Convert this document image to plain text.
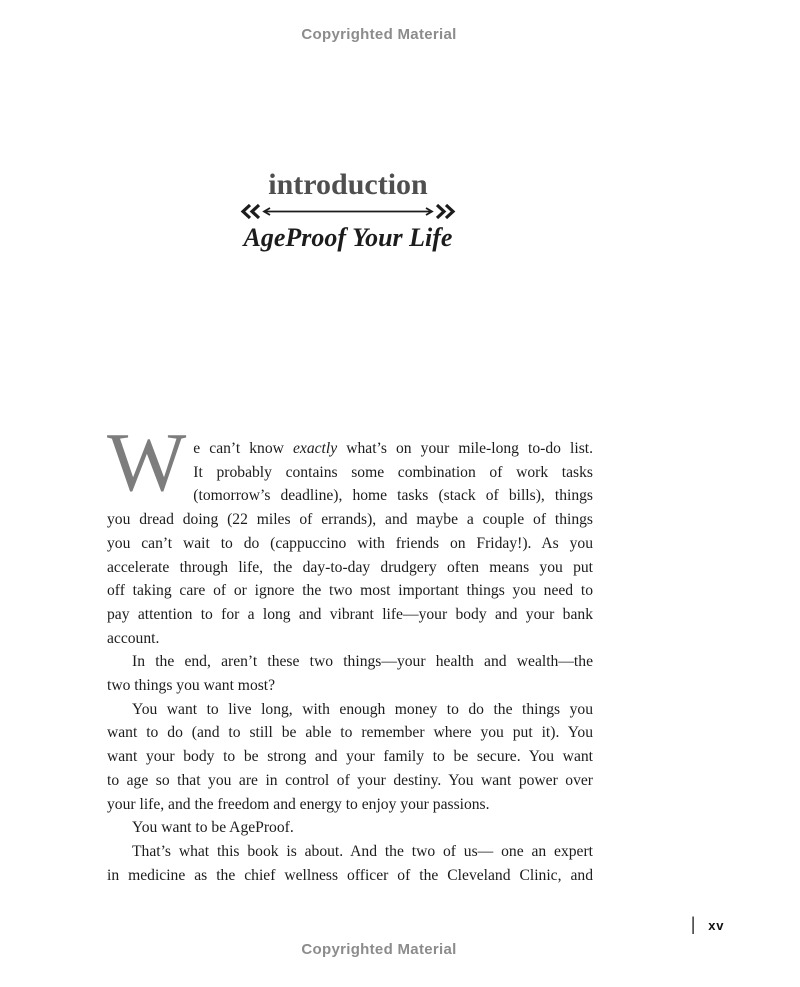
Copyrighted Material
introduction
AgeProof Your Life
W e can’t know exactly what’s on your mile-long to-do list.
It probably contains some combination of work tasks
(tomorrow’s deadline), home tasks (stack of bills), things
you dread doing (22 miles of errands), and maybe a couple of things
you can’t wait to do (cappuccino with friends on Friday!). As you
accelerate through life, the day-to-day drudgery often means you put
off taking care of or ignore the two most important things you need to
pay attention to for a long and vibrant life—your body and your bank
account.
In the end, aren’t these two things—your health and wealth—the
two things you want most?
You want to live long, with enough money to do the things you
want to do (and to still be able to remember where you put it). You
want your body to be strong and your family to be secure. You want
to age so that you are in control of your destiny. You want power over
your life, and the freedom and energy to enjoy your passions.
You want to be AgeProof.
That’s what this book is about. And the two of us— one an expert
in medicine as the chief wellness officer of the Cleveland Clinic, and
| xv
Copyrighted Material
